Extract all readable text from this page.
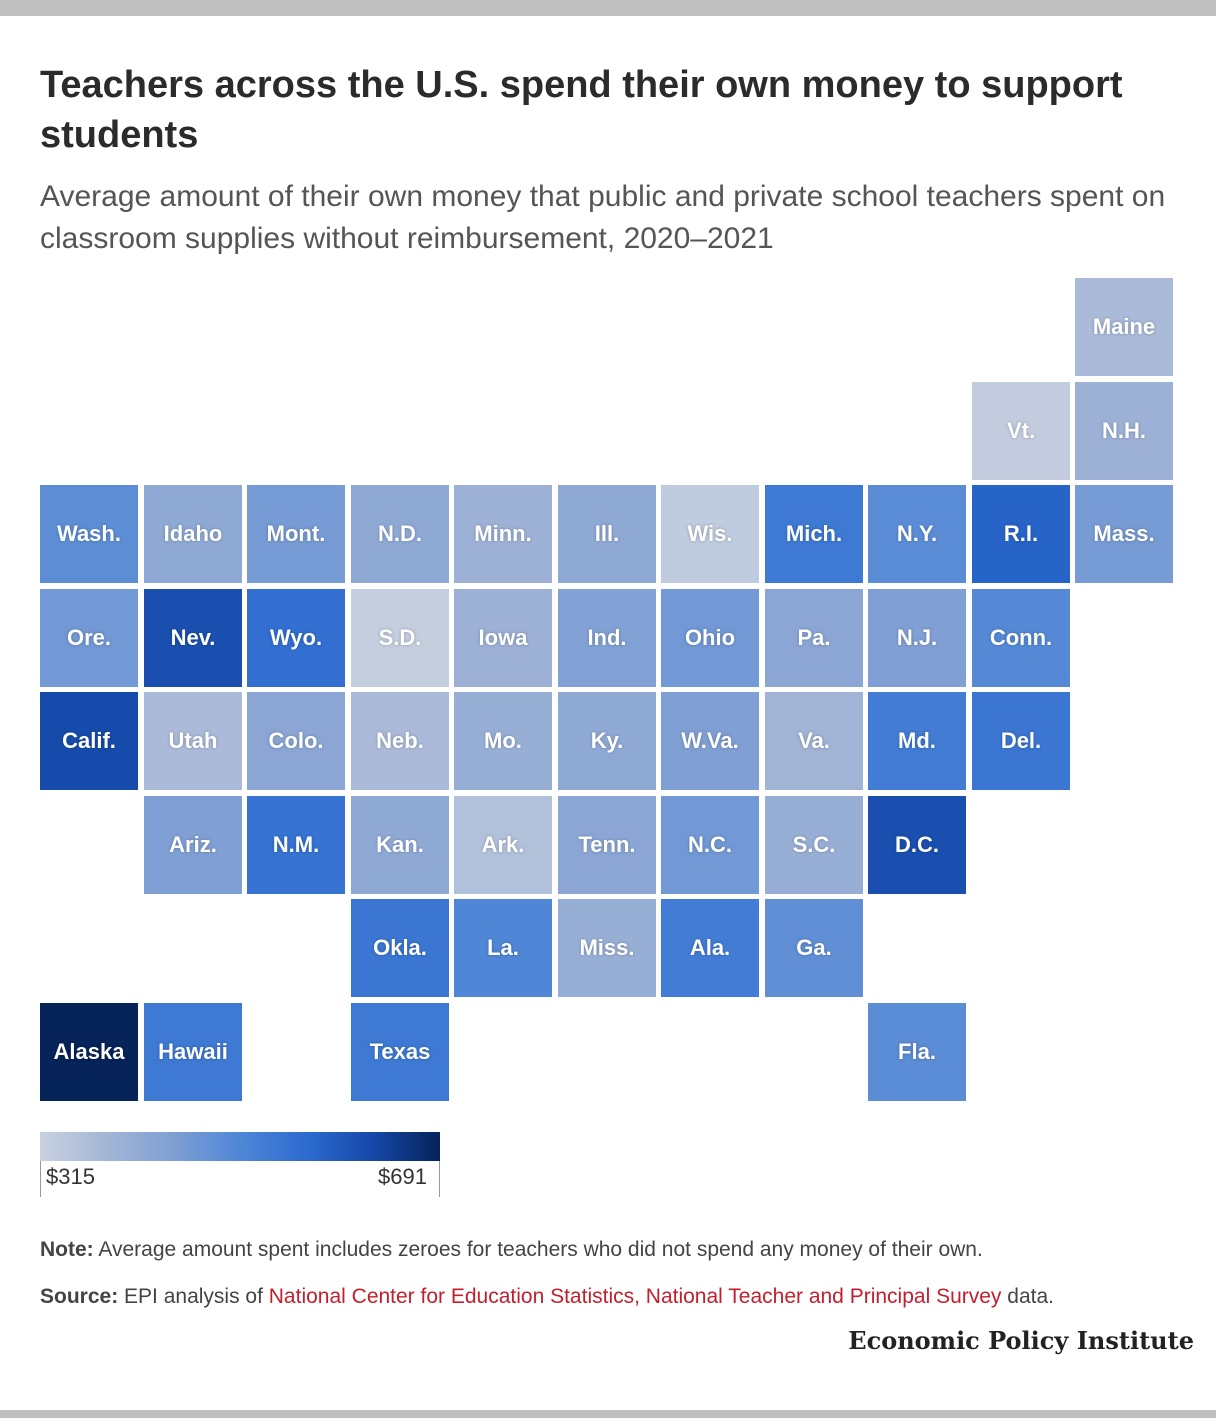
Teachers across the U.S. spend their own money to support students

Average amount of their own money that public and private school teachers spent on classroom supplies without reimbursement, 2020–2021

Maine
Vt.	N.H.
Wash.	Idaho	Mont.	N.D.	Minn.	Ill.	Wis.	Mich.	N.Y.	R.I.	Mass.
Ore.	Nev.	Wyo.	S.D.	Iowa	Ind.	Ohio	Pa.	N.J.	Conn.
Calif.	Utah	Colo.	Neb.	Mo.	Ky.	W.Va.	Va.	Md.	Del.
Ariz.	N.M.	Kan.	Ark.	Tenn.	N.C.	S.C.	D.C.
Okla.	La.	Miss.	Ala.	Ga.
Alaska	Hawaii	Texas	Fla.
$315	$691

Note: Average amount spent includes zeroes for teachers who did not spend any money of their own.

Source: EPI analysis of National Center for Education Statistics, National Teacher and Principal Survey data.

Economic Policy Institute
